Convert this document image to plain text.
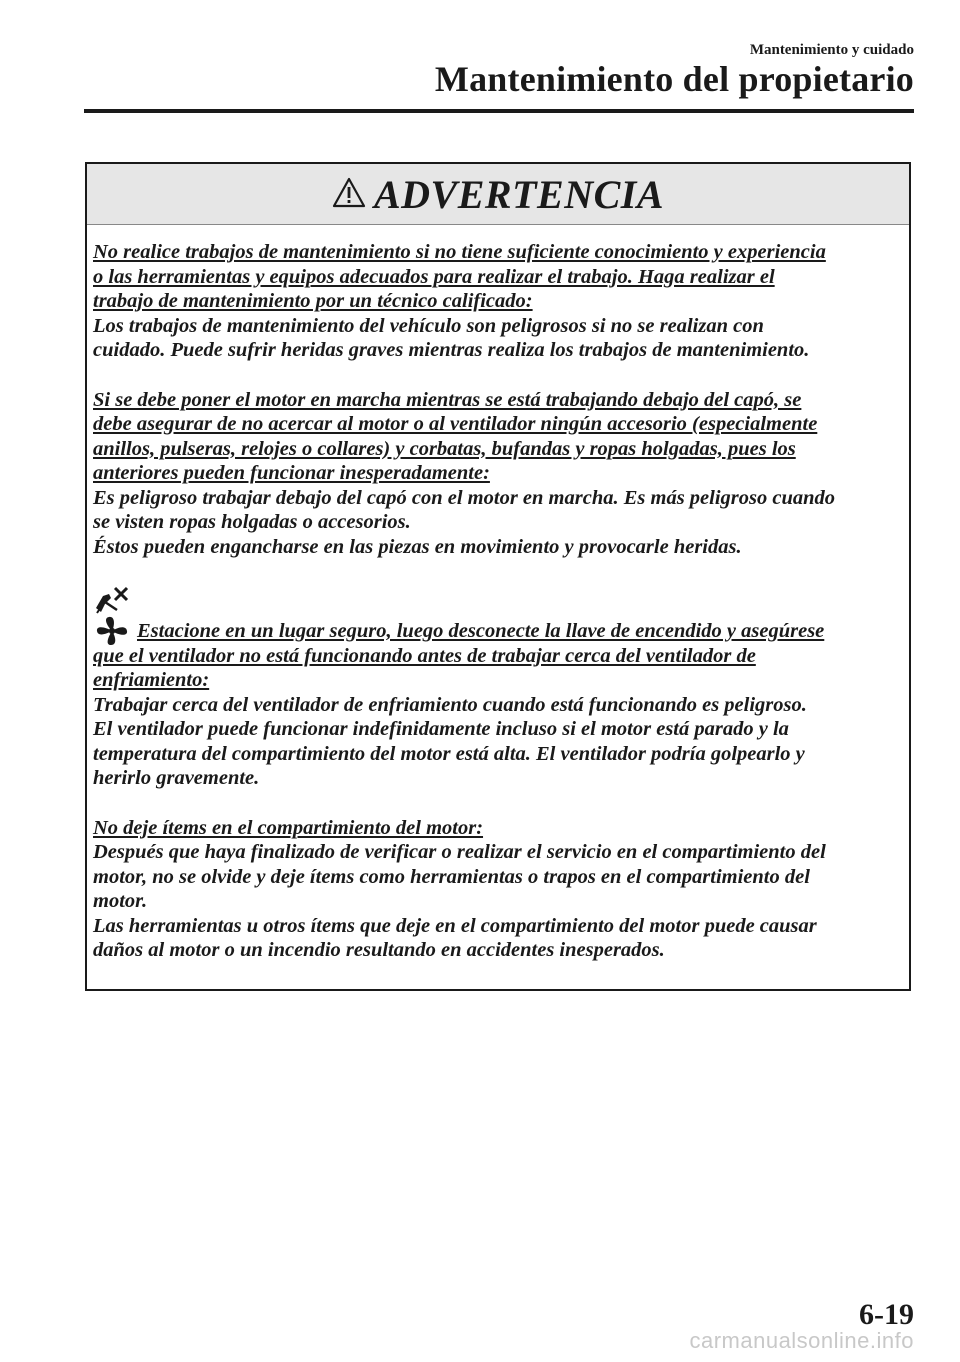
Mantenimiento y cuidado
Mantenimiento del propietario
ADVERTENCIA
No realice trabajos de mantenimiento si no tiene suficiente conocimiento y experiencia
o las herramientas y equipos adecuados para realizar el trabajo. Haga realizar el
trabajo de mantenimiento por un técnico calificado:
Los trabajos de mantenimiento del vehículo son peligrosos si no se realizan con
cuidado. Puede sufrir heridas graves mientras realiza los trabajos de mantenimiento.
Si se debe poner el motor en marcha mientras se está trabajando debajo del capó, se
debe asegurar de no acercar al motor o al ventilador ningún accesorio (especialmente
anillos, pulseras, relojes o collares) y corbatas, bufandas y ropas holgadas, pues los
anteriores pueden funcionar inesperadamente:
Es peligroso trabajar debajo del capó con el motor en marcha. Es más peligroso cuando
se visten ropas holgadas o accesorios.
Éstos pueden engancharse en las piezas en movimiento y provocarle heridas.
Estacione en un lugar seguro, luego desconecte la llave de encendido y asegúrese
que el ventilador no está funcionando antes de trabajar cerca del ventilador de
enfriamiento:
Trabajar cerca del ventilador de enfriamiento cuando está funcionando es peligroso.
El ventilador puede funcionar indefinidamente incluso si el motor está parado y la
temperatura del compartimiento del motor está alta. El ventilador podría golpearlo y
herirlo gravemente.
No deje ítems en el compartimiento del motor:
Después que haya finalizado de verificar o realizar el servicio en el compartimiento del
motor, no se olvide y deje ítems como herramientas o trapos en el compartimiento del
motor.
Las herramientas u otros ítems que deje en el compartimiento del motor puede causar
daños al motor o un incendio resultando en accidentes inesperados.
6-19
carmanualsonline.info
